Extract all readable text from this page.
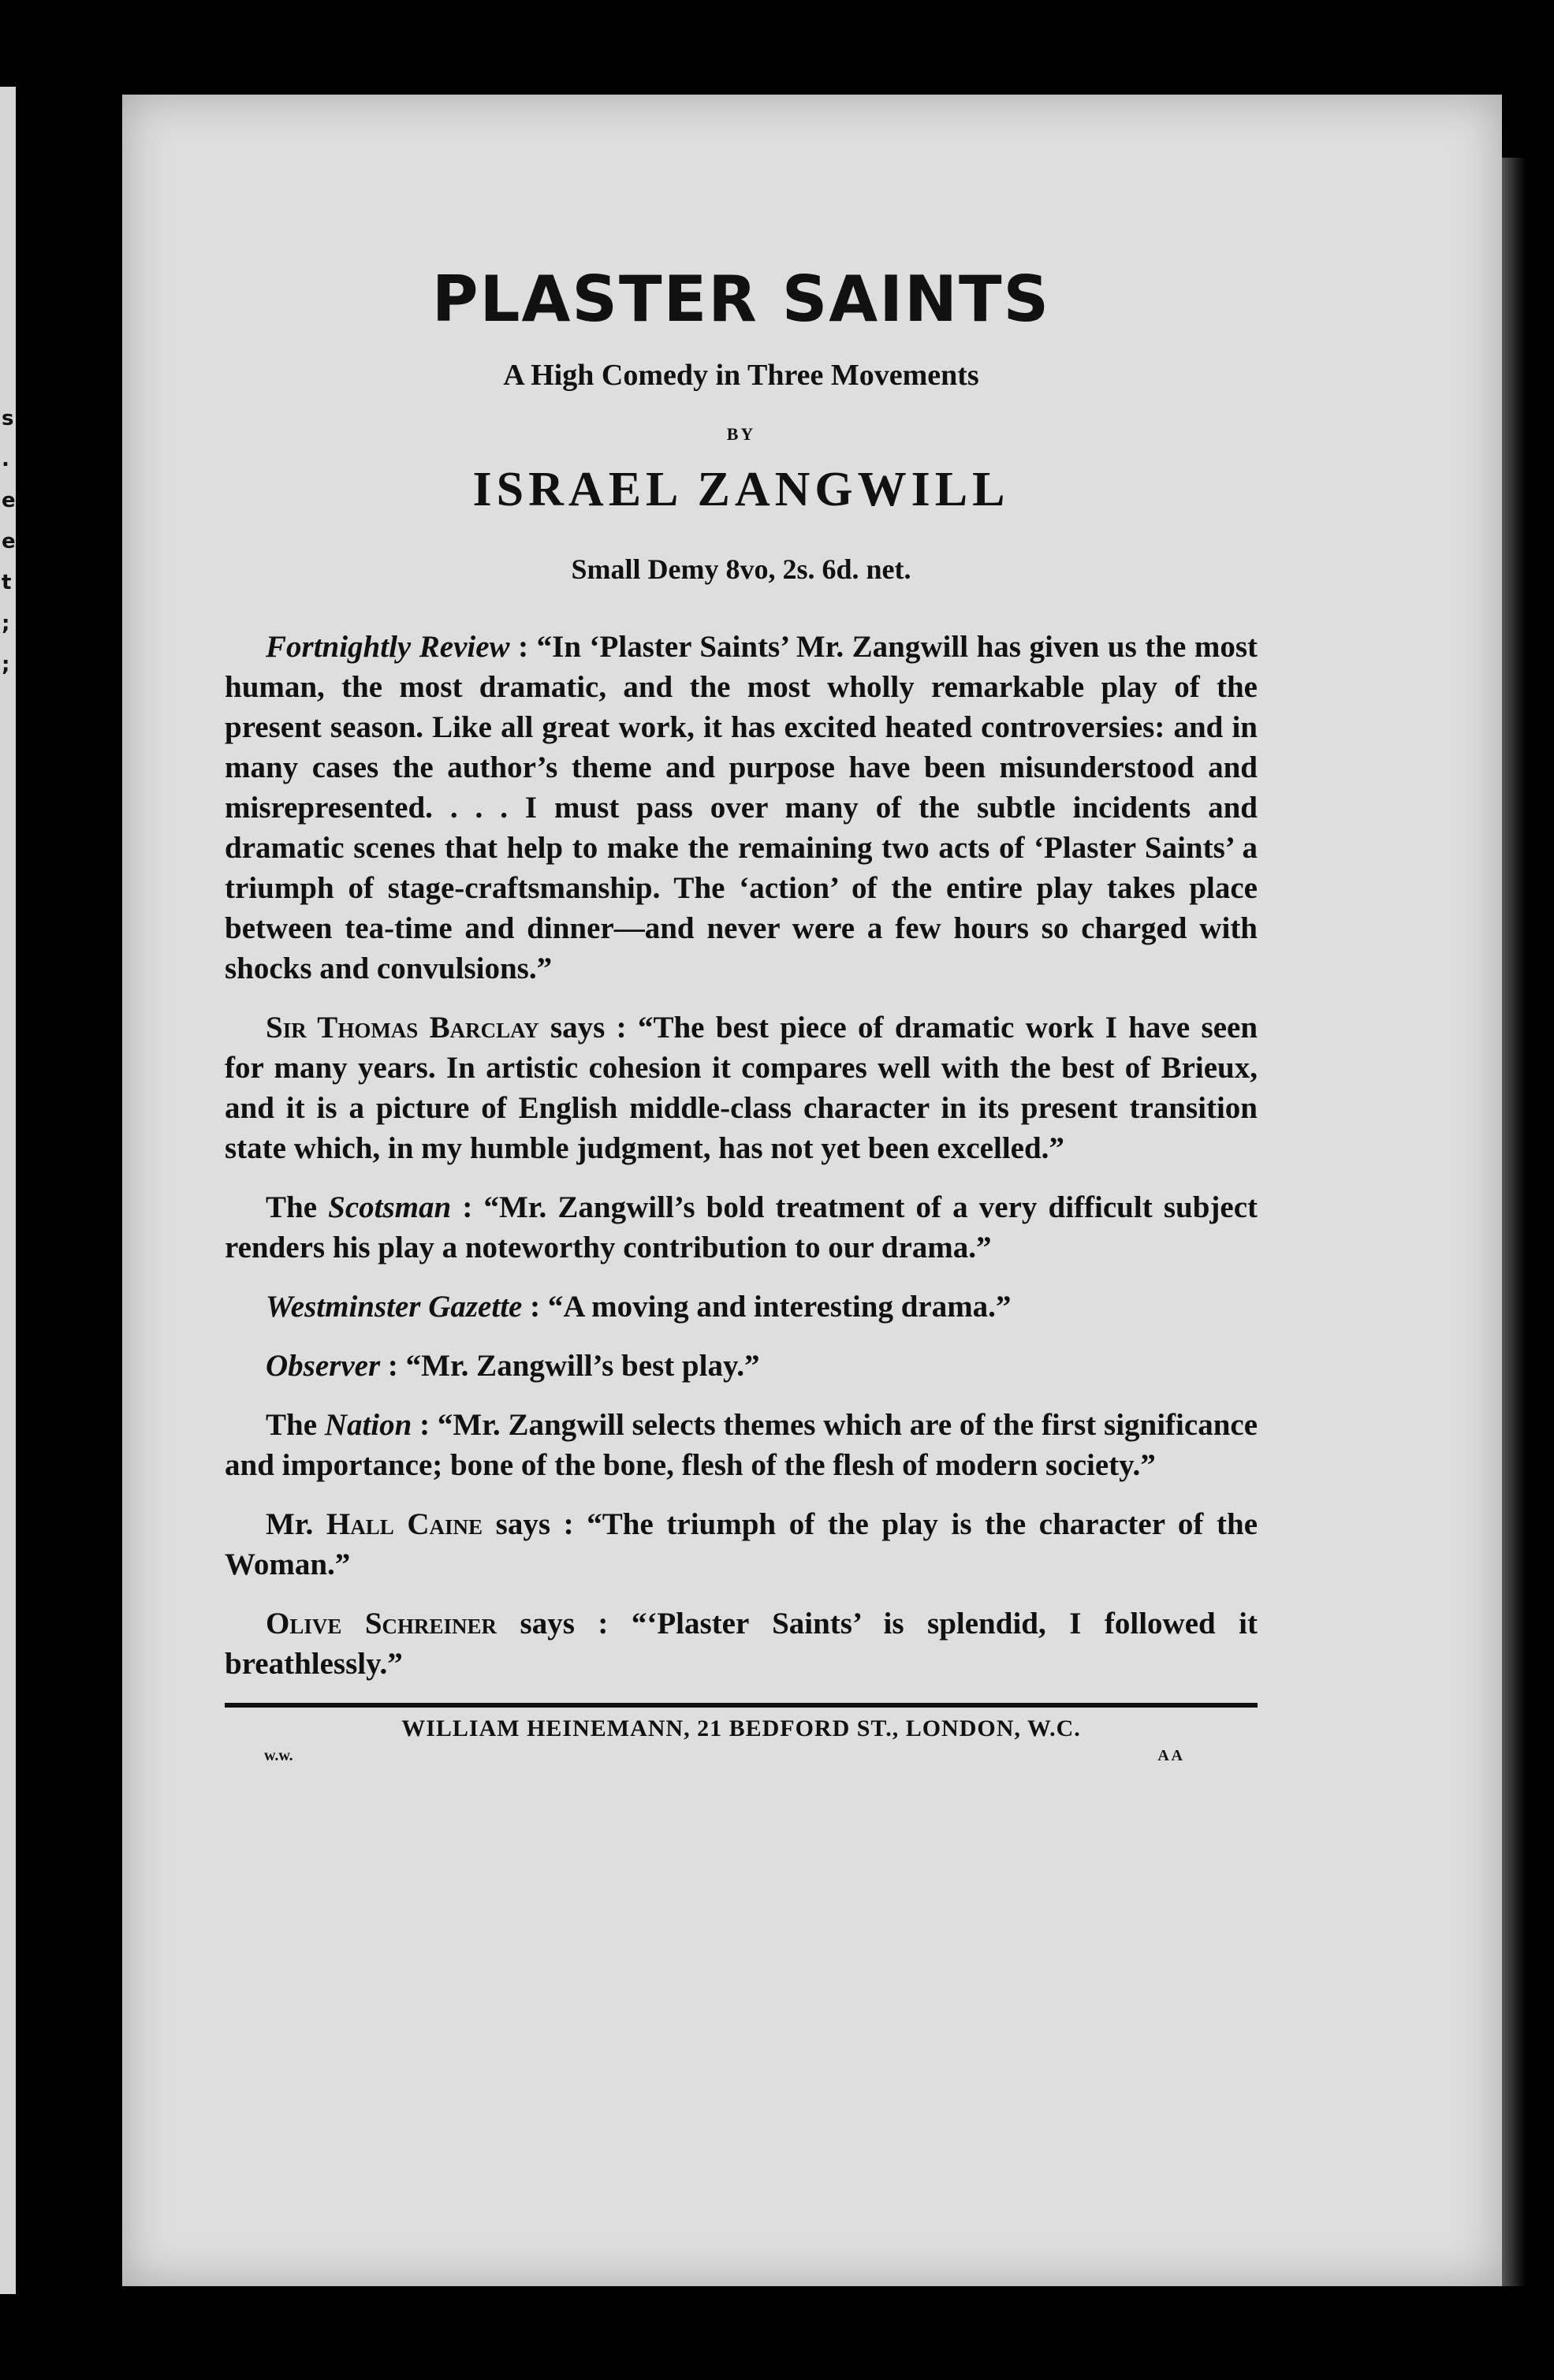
s . e e t ; ;
PLASTER SAINTS
A High Comedy in Three Movements
BY
ISRAEL ZANGWILL
Small Demy 8vo, 2s. 6d. net.

Fortnightly Review : “In ‘Plaster Saints’ Mr. Zangwill has given us the most human, the most dramatic, and the most wholly remarkable play of the present season. Like all great work, it has excited heated controversies: and in many cases the author’s theme and purpose have been misunderstood and misrepresented. . . . I must pass over many of the subtle incidents and dramatic scenes that help to make the remaining two acts of ‘Plaster Saints’ a triumph of stage-craftsmanship. The ‘action’ of the entire play takes place between tea-time and dinner—and never were a few hours so charged with shocks and convulsions.”

Sir Thomas Barclay says : “The best piece of dramatic work I have seen for many years. In artistic cohesion it compares well with the best of Brieux, and it is a picture of English middle-class character in its present transition state which, in my humble judgment, has not yet been excelled.”

The Scotsman : “Mr. Zangwill’s bold treatment of a very difficult subject renders his play a noteworthy contribution to our drama.”

Westminster Gazette : “A moving and interesting drama.”

Observer : “Mr. Zangwill’s best play.”

The Nation : “Mr. Zangwill selects themes which are of the first significance and importance; bone of the bone, flesh of the flesh of modern society.”

Mr. Hall Caine says : “The triumph of the play is the character of the Woman.”

Olive Schreiner says : “‘Plaster Saints’ is splendid, I followed it breathlessly.”

WILLIAM HEINEMANN, 21 BEDFORD ST., LONDON, W.C.
w.w.	A A
